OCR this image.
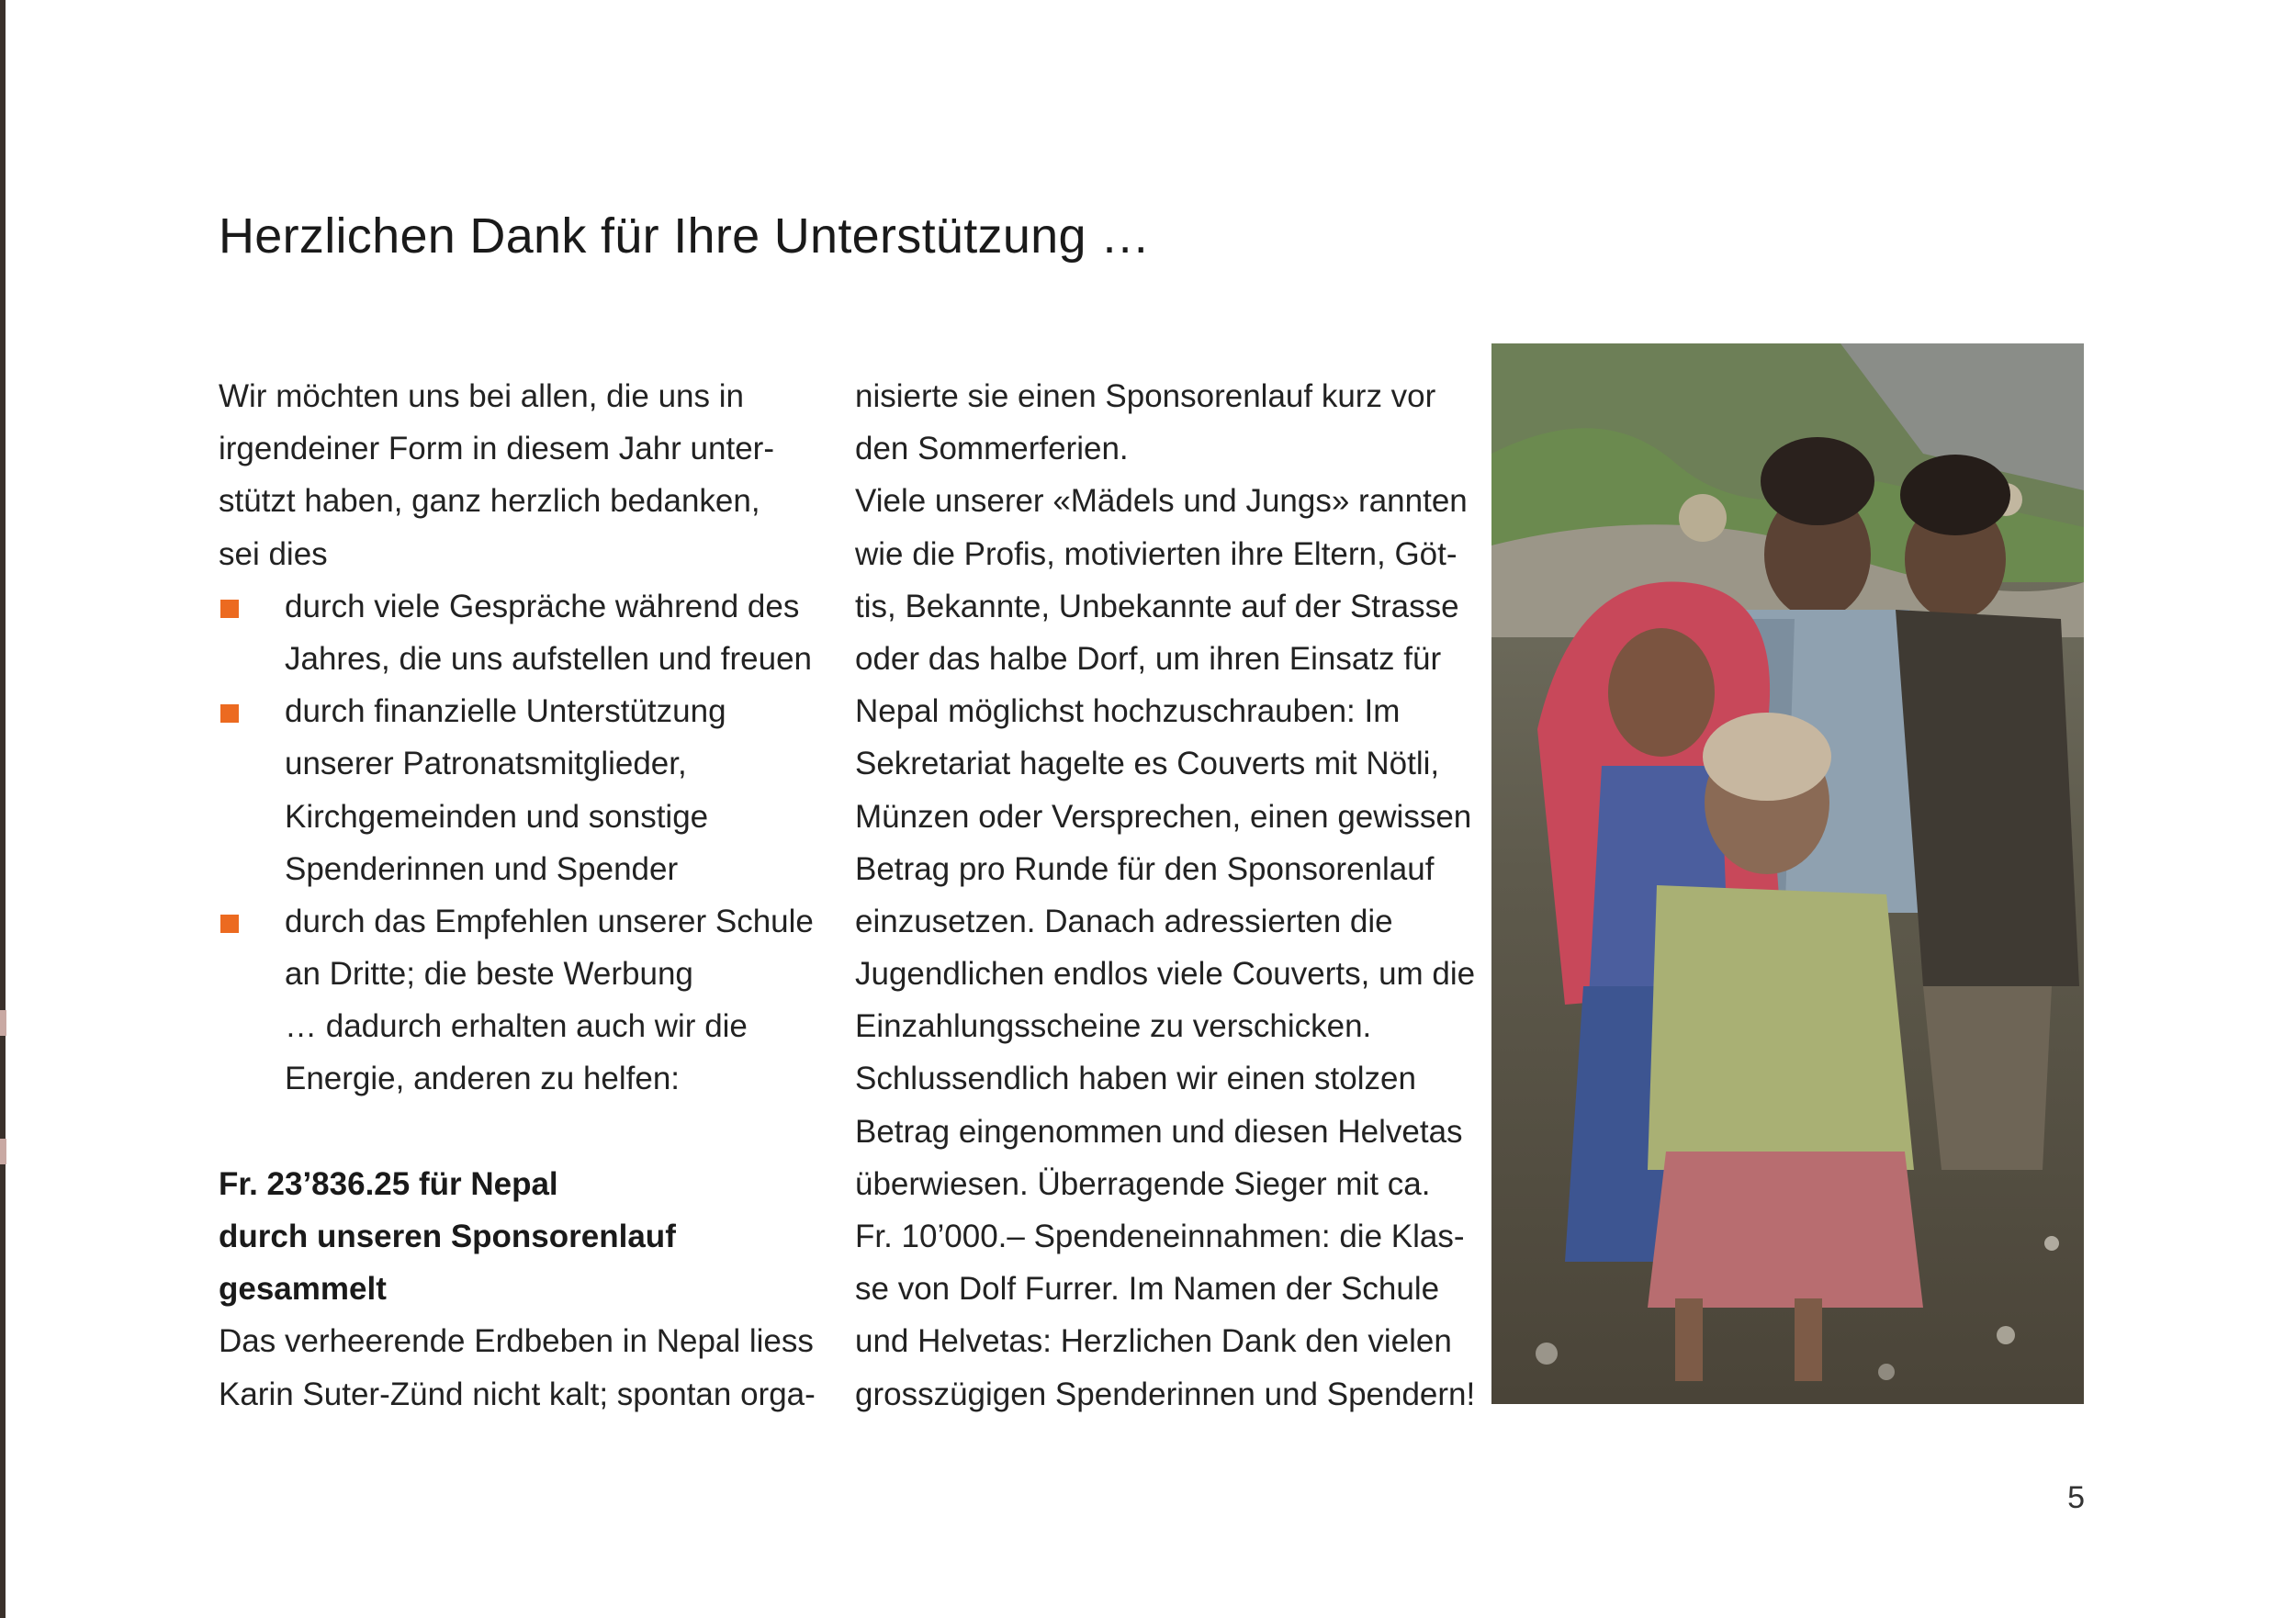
Herzlichen Dank für Ihre Unterstützung …
Wir möchten uns bei allen, die uns in
irgendeiner Form in diesem Jahr unter-
stützt haben, ganz herzlich bedanken,
sei dies
durch viele Gespräche während des
Jahres, die uns aufstellen und freuen
durch finanzielle Unterstützung
unserer Patronatsmitglieder,
Kirchgemeinden und sonstige
Spenderinnen und Spender
durch das Empfehlen unserer Schule
an Dritte; die beste Werbung
… dadurch erhalten auch wir die
Energie, anderen zu helfen:
Fr. 23’836.25 für Nepal
durch unseren Sponsorenlauf
gesammelt
Das verheerende Erdbeben in Nepal liess
Karin Suter-Zünd nicht kalt; spontan orga-
nisierte sie einen Sponsorenlauf kurz vor
den Sommerferien.
Viele unserer «Mädels und Jungs» rannten
wie die Profis, motivierten ihre Eltern, Göt-
tis, Bekannte, Unbekannte auf der Strasse
oder das halbe Dorf, um ihren Einsatz für
Nepal möglichst hochzuschrauben: Im
Sekretariat hagelte es Couverts mit Nötli,
Münzen oder Versprechen, einen gewissen
Betrag pro Runde für den Sponsorenlauf
einzusetzen. Danach adressierten die
Jugendlichen endlos viele Couverts, um die
Einzahlungsscheine zu verschicken.
Schlussendlich haben wir einen stolzen
Betrag eingenommen und diesen Helvetas
überwiesen. Überragende Sieger mit ca.
Fr. 10’000.– Spendeneinnahmen: die Klas-
se von Dolf Furrer. Im Namen der Schule
und Helvetas: Herzlichen Dank den vielen
grosszügigen Spenderinnen und Spendern!
5
